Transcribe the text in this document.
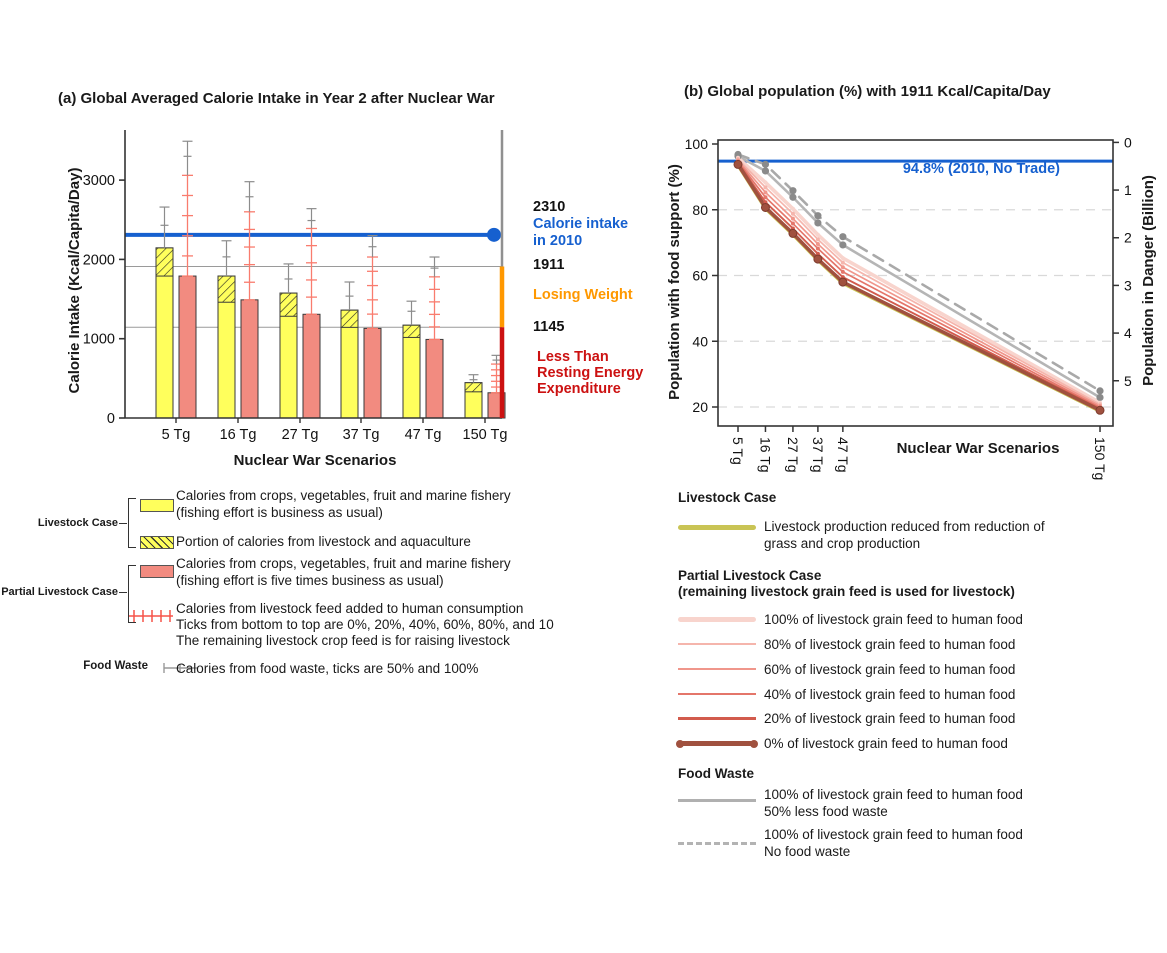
(a) Global Averaged Calorie Intake in Year 2 after Nuclear War	(b) Global population (%) with 1911 Kcal/Capita/Day
0
1000
2000
3000
5 Tg 16 Tg 27 Tg 37 Tg 47 Tg 150 Tg
Calorie Intake (Kcal/Capita/Day)
Nuclear War Scenarios
2310
Calorie intake
in 2010
1911
Losing Weight
1145
Less Than
Resting Energy
Expenditure
20
40
60
80
100	0
1
2
3
4
5
5 Tg 16 Tg 27 Tg 37 Tg 47 Tg	150 Tg
Population with food support (%)	Population in Danger (Billion)
Nuclear War Scenarios
94.8% (2010, No Trade)
Livestock Case
Calories from crops, vegetables, fruit and marine fishery
(fishing effort is business as usual)
Portion of calories from livestock and aquaculture
Partial Livestock Case
Calories from crops, vegetables, fruit and marine fishery
(fishing effort is five times business as usual)
Calories from livestock feed added to human consumption
Ticks from bottom to top are 0%, 20%, 40%, 60%, 80%, and 10
The remaining livestock crop feed is for raising livestock
Food Waste Calories from food waste, ticks are 50% and 100%
Livestock Case
Livestock production reduced from reduction of
grass and crop production
Partial Livestock Case
(remaining livestock grain feed is used for livestock)
100% of livestock grain feed to human food
80% of livestock grain feed to human food
60% of livestock grain feed to human food
40% of livestock grain feed to human food
20% of livestock grain feed to human food
0% of livestock grain feed to human food
Food Waste
100% of livestock grain feed to human food
50% less food waste
100% of livestock grain feed to human food
No food waste
